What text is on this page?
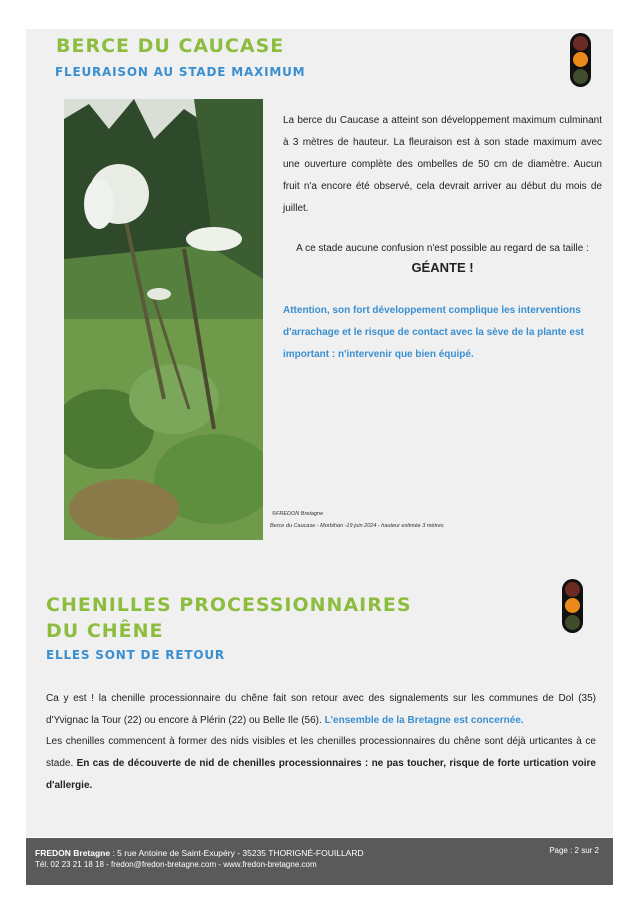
BERCE DU CAUCASE
FLEURAISON AU STADE MAXIMUM

La berce du Caucase a atteint son développement maximum culminant à 3 mètres de hauteur. La fleuraison est à son stade maximum avec une ouverture complète des ombelles de 50 cm de diamètre. Aucun fruit n'a encore été observé, cela devrait arriver au début du mois de juillet.

A ce stade aucune confusion n'est possible au regard de sa taille :

GÉANTE !

Attention, son fort développement complique les interventions d'arrachage et le risque de contact avec la sève de la plante est important : n'intervenir que bien équipé.

©FREDON Bretagne
Berce du Caucase - Morbihan -19 juin 2024 - hauteur estimée 3 mètres
CHENILLES PROCESSIONNAIRES
DU CHÊNE
ELLES SONT DE RETOUR

Ca y est ! la chenille processionnaire du chêne fait son retour avec des signalements sur les communes de Dol (35) d'Yvignac la Tour (22) ou encore à Plérin (22) ou Belle Ile (56). L'ensemble de la Bretagne est concernée.

Les chenilles commencent à former des nids visibles et les chenilles processionnaires du chêne sont déjà urticantes à ce stade. En cas de découverte de nid de chenilles processionnaires : ne pas toucher, risque de forte urtication voire d'allergie.

FREDON Bretagne : 5 rue Antoine de Saint-Exupéry - 35235 THORIGNÉ-FOUILLARD
Tél. 02 23 21 18 18 - fredon@fredon-bretagne.com - www.fredon-bretagne.com
Page : 2 sur 2
